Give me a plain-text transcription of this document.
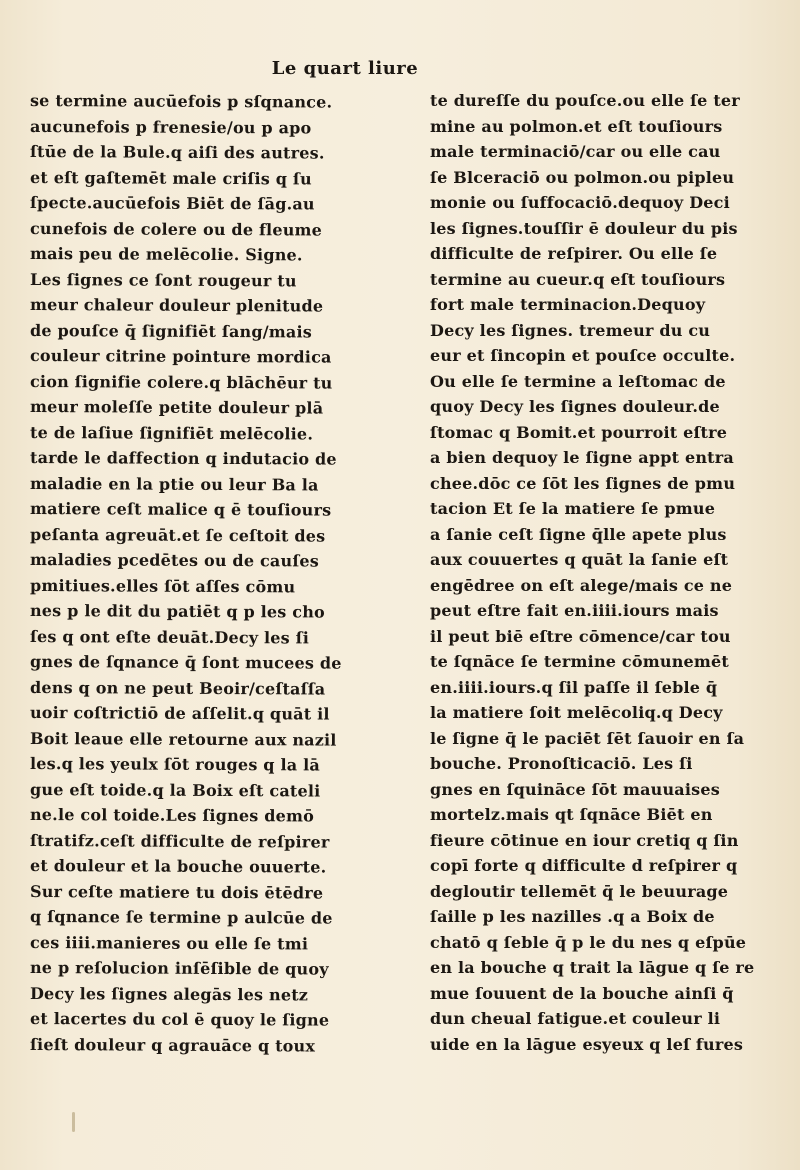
Le quart liure
se termine aucūefois p sſqnance.
aucunefois p frenesie/ou p apo
ſtūe de la Bule.q aiſi des autres.
et eſt gaſtemēt male criſis q ſu
ſpecte.aucūefois Biēt de ſāg.au
cunefois de colere ou de fleume
mais peu de melēcolie. Signe.
Les ſignes ce ſont rougeur tu
meur chaleur douleur plenitude
de pouſce q̄ ſignifiēt ſang/mais
couleur citrine pointure mordica
cion ſignifie colere.q blāchēur tu
meur moleſſe petite douleur plā
te de laſiue ſignifiēt melēcolie.
tarde le daffection q indutacio de
maladie en la ptie ou leur Ba la
matiere ceſt malice q ē touſiours
peſanta agreuāt.et ſe ceſtoit des
maladies pcedētes ou de cauſes
pmitiues.elles ſōt aſſes cōmu
nes p le dit du patiēt q p les cho
ſes q ont eſte deuāt.Decy les ſi
gnes de ſqnance q̄ ſont mucees de
dens q on ne peut Beoir/ceſtaſſa
uoir coſtrictiō de aſſelit.q quāt il
Boit leaue elle retourne aux nazil
les.q les yeulx ſōt rouges q la lā
gue eſt toide.q la Boix eſt cateli
ne.le col toide.Les ſignes demō
ſtratifz.ceſt difficulte de reſpirer
et douleur et la bouche ouuerte.
Sur ceſte matiere tu dois ētēdre
q ſqnance ſe termine p aulcūe de
ces iiii.manieres ou elle ſe tmi
ne p reſolucion inſēſible de quoy
Decy les ſignes alegās les netz
et lacertes du col ē quoy le ſigne
ſieſt douleur q agrauāce q toux
te dureſſe du pouſce.ou elle ſe ter
mine au polmon.et eſt touſiours
male terminaciō/car ou elle cau
ſe Blceraciō ou polmon.ou pipleu
monie ou ſuffocaciō.dequoy Deci
les ſignes.touſſir ē douleur du pis
difficulte de reſpirer. Ou elle ſe
termine au cueur.q eſt touſiours
fort male terminacion.Dequoy
Decy les ſignes. tremeur du cu
eur et ſincopin et pouſce occulte.
Ou elle ſe termine a leſtomac de
quoy Decy les ſignes douleur.de
ſtomac q Bomit.et pourroit eſtre
a bien dequoy le ſigne appt entra
chee.dōc ce ſōt les ſignes de pmu
tacion Et ſe la matiere ſe pmue
a ſanie ceſt ſigne q̄lle apete plus
aux couuertes q quāt la ſanie eſt
engēdree on eſt alege/mais ce ne
peut eſtre fait en.iiii.iours mais
il peut biē eſtre cōmence/car tou
te ſqnāce ſe termine cōmunemēt
en.iiii.iours.q ſil paſſe il ſeble q̄
la matiere ſoit melēcoliq.q Decy
le ſigne q̄ le paciēt ſēt ſauoir en ſa
bouche. Pronoſticaciō. Les ſi
gnes en ſquināce ſōt mauuaises
mortelz.mais qt ſqnāce Biēt en
fieure cōtinue en iour cretiq q ſin
copī forte q difficulte d reſpirer q
degloutir tellemēt q̄ le beuurage
ſaille p les nazilles .q a Boix de
chatō q ſeble q̄ p le du nes q eſpūe
en la bouche q trait la lāgue q ſe re
mue ſouuent de la bouche ainſi q̄
dun cheual fatigue.et couleur li
uide en la lāgue esyeux q leſ fures
